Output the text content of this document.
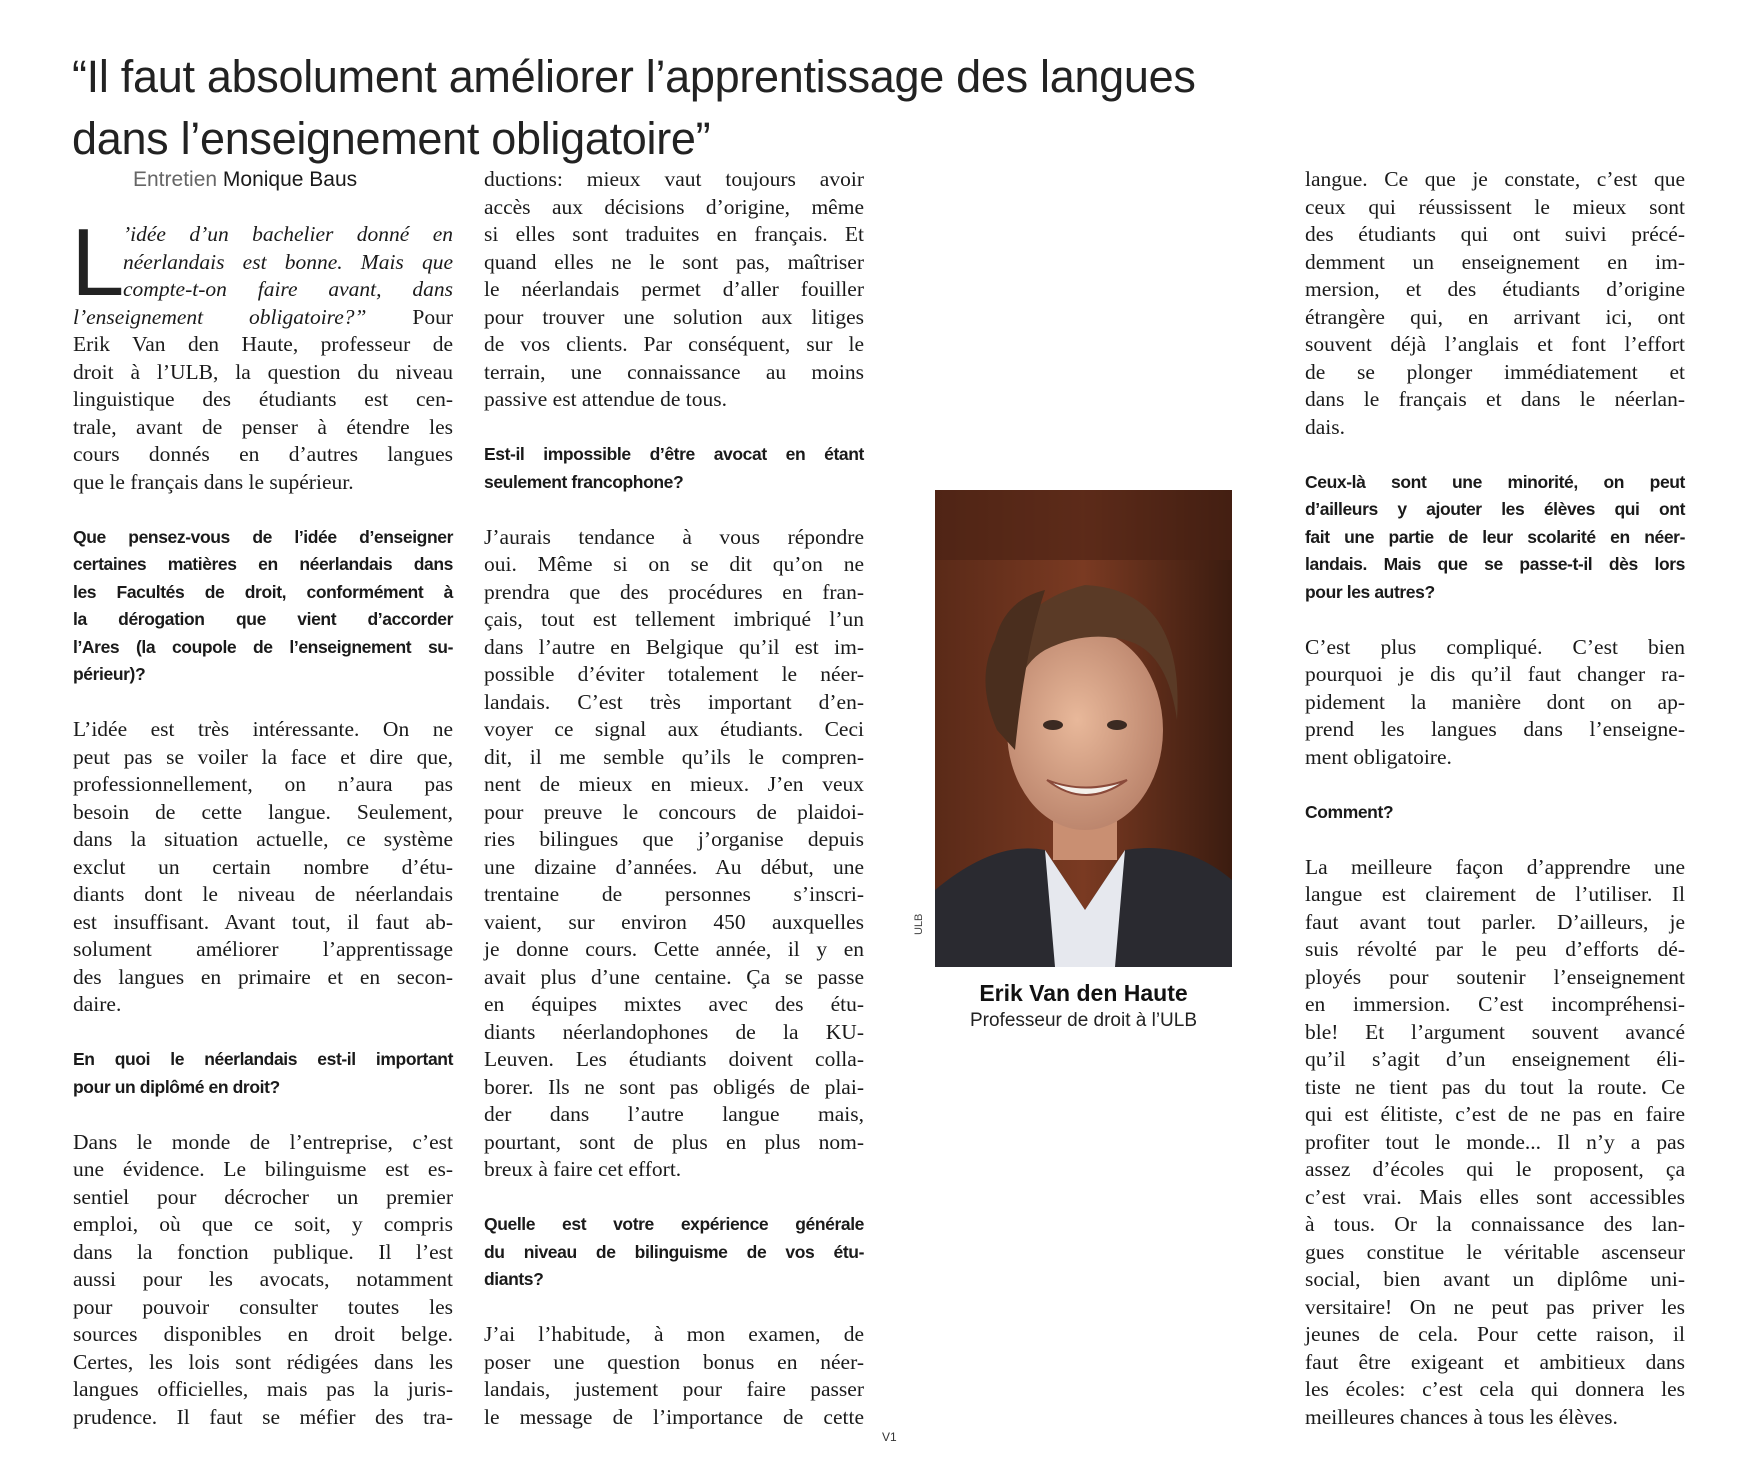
“Il faut absolument améliorer l’apprentissage des langues
dans l’enseignement obligatoire”
Entretien Monique Baus
L
’idée d’un bachelier donné en
néerlandais est bonne. Mais que
compte-t-on faire avant, dans
l’enseignement obligatoire?” Pour
Erik Van den Haute, professeur de
droit à l’ULB, la question du niveau
linguistique des étudiants est cen-
trale, avant de penser à étendre les
cours donnés en d’autres langues
que le français dans le supérieur.
Que pensez-vous de l’idée d’enseigner
certaines matières en néerlandais dans
les Facultés de droit, conformément à
la dérogation que vient d’accorder
l’Ares (la coupole de l’enseignement su-
périeur)?
L’idée est très intéressante. On ne
peut pas se voiler la face et dire que,
professionnellement, on n’aura pas
besoin de cette langue. Seulement,
dans la situation actuelle, ce système
exclut un certain nombre d’étu-
diants dont le niveau de néerlandais
est insuffisant. Avant tout, il faut ab-
solument améliorer l’apprentissage
des langues en primaire et en secon-
daire.
En quoi le néerlandais est-il important
pour un diplômé en droit?
Dans le monde de l’entreprise, c’est
une évidence. Le bilinguisme est es-
sentiel pour décrocher un premier
emploi, où que ce soit, y compris
dans la fonction publique. Il l’est
aussi pour les avocats, notamment
pour pouvoir consulter toutes les
sources disponibles en droit belge.
Certes, les lois sont rédigées dans les
langues officielles, mais pas la juris-
prudence. Il faut se méfier des tra-
ductions: mieux vaut toujours avoir
accès aux décisions d’origine, même
si elles sont traduites en français. Et
quand elles ne le sont pas, maîtriser
le néerlandais permet d’aller fouiller
pour trouver une solution aux litiges
de vos clients. Par conséquent, sur le
terrain, une connaissance au moins
passive est attendue de tous.
Est-il impossible d’être avocat en étant
seulement francophone?
J’aurais tendance à vous répondre
oui. Même si on se dit qu’on ne
prendra que des procédures en fran-
çais, tout est tellement imbriqué l’un
dans l’autre en Belgique qu’il est im-
possible d’éviter totalement le néer-
landais. C’est très important d’en-
voyer ce signal aux étudiants. Ceci
dit, il me semble qu’ils le compren-
nent de mieux en mieux. J’en veux
pour preuve le concours de plaidoi-
ries bilingues que j’organise depuis
une dizaine d’années. Au début, une
trentaine de personnes s’inscri-
vaient, sur environ 450 auxquelles
je donne cours. Cette année, il y en
avait plus d’une centaine. Ça se passe
en équipes mixtes avec des étu-
diants néerlandophones de la KU-
Leuven. Les étudiants doivent colla-
borer. Ils ne sont pas obligés de plai-
der dans l’autre langue mais,
pourtant, sont de plus en plus nom-
breux à faire cet effort.
Quelle est votre expérience générale
du niveau de bilinguisme de vos étu-
diants?
J’ai l’habitude, à mon examen, de
poser une question bonus en néer-
landais, justement pour faire passer
le message de l’importance de cette
langue. Ce que je constate, c’est que
ceux qui réussissent le mieux sont
des étudiants qui ont suivi précé-
demment un enseignement en im-
mersion, et des étudiants d’origine
étrangère qui, en arrivant ici, ont
souvent déjà l’anglais et font l’effort
de se plonger immédiatement et
dans le français et dans le néerlan-
dais.
Ceux-là sont une minorité, on peut
d’ailleurs y ajouter les élèves qui ont
fait une partie de leur scolarité en néer-
landais. Mais que se passe-t-il dès lors
pour les autres?
C’est plus compliqué. C’est bien
pourquoi je dis qu’il faut changer ra-
pidement la manière dont on ap-
prend les langues dans l’enseigne-
ment obligatoire.
Comment?
La meilleure façon d’apprendre une
langue est clairement de l’utiliser. Il
faut avant tout parler. D’ailleurs, je
suis révolté par le peu d’efforts dé-
ployés pour soutenir l’enseignement
en immersion. C’est incompréhensi-
ble! Et l’argument souvent avancé
qu’il s’agit d’un enseignement éli-
tiste ne tient pas du tout la route. Ce
qui est élitiste, c’est de ne pas en faire
profiter tout le monde... Il n’y a pas
assez d’écoles qui le proposent, ça
c’est vrai. Mais elles sont accessibles
à tous. Or la connaissance des lan-
gues constitue le véritable ascenseur
social, bien avant un diplôme uni-
versitaire! On ne peut pas priver les
jeunes de cela. Pour cette raison, il
faut être exigeant et ambitieux dans
les écoles: c’est cela qui donnera les
meilleures chances à tous les élèves.
ULB
Erik Van den Haute
Professeur de droit à l’ULB
V1
